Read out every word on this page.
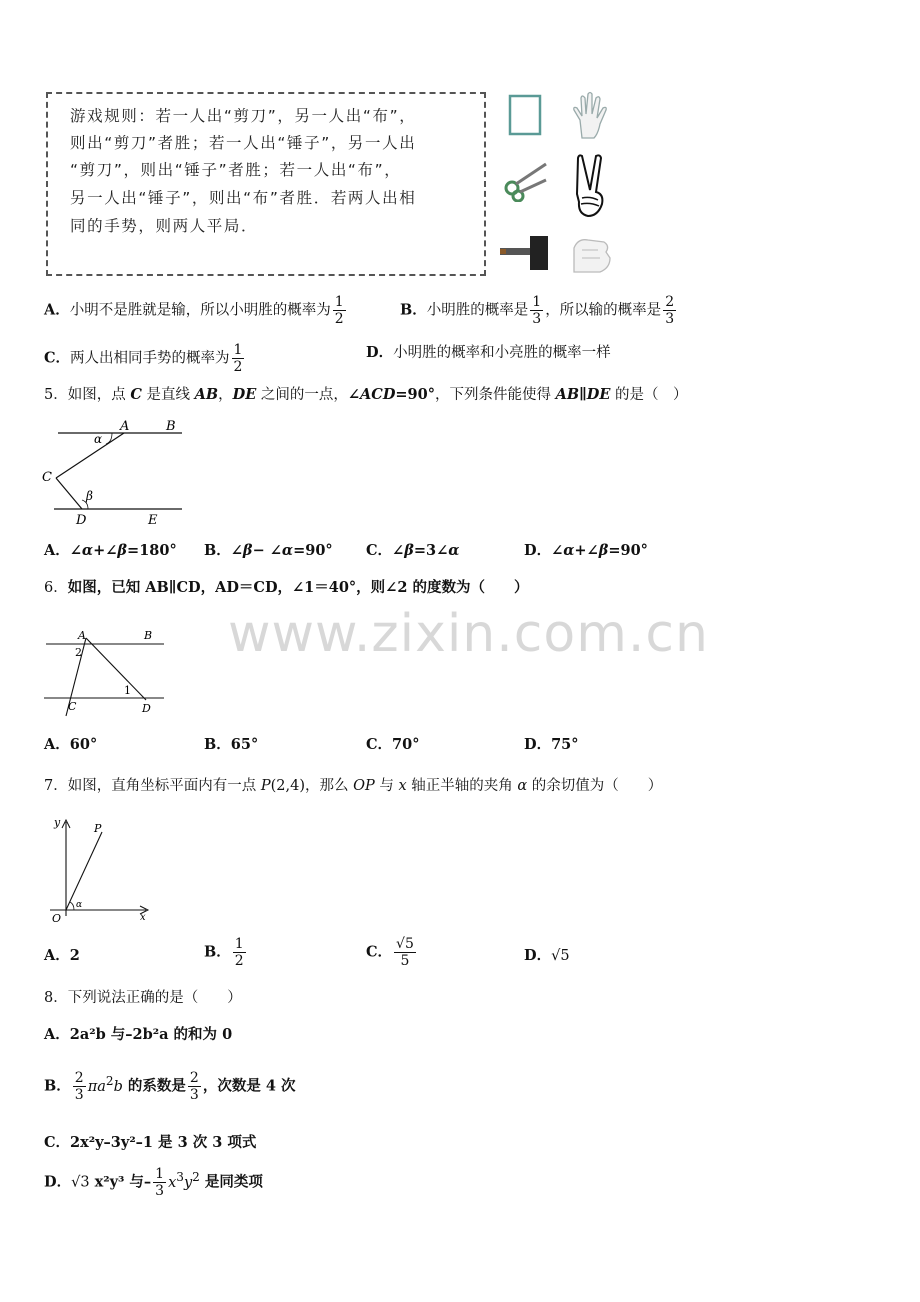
www.zixin.com.cn
游戏规则：若一人出“剪刀”，另一人出“布”，
则出“剪刀”者胜；若一人出“锤子”，另一人出
“剪刀”，则出“锤子”者胜；若一人出“布”，
另一人出“锤子”，则出“布”者胜．若两人出相
同的手势，则两人平局．
A．小明不是胜就是输，所以小明胜的概率为 $\frac{1}{2}$	B．小明胜的概率是 $\frac{1}{3}$ ，所以输的概率是 $\frac{2}{3}$
C．两人出相同手势的概率为 $\frac{1}{2}$	D．小明胜的概率和小亮胜的概率一样
5．如图，点 C 是直线 AB，DE 之间的一点，∠ACD=90°，下列条件能使得 AB∥DE 的是（　）
A	B
C
D	E
α
β
A．∠α+∠β=180° B．∠β− ∠α=90° C．∠β=3∠α	D．∠α+∠β=90°
6．如图，已知 AB∥CD，AD＝CD，∠1＝40°，则∠2 的度数为（　　）
A	B
C	D
1
2
A．60°	B．65°	C．70°	D．75°
7．如图，直角坐标平面内有一点 P(2,4)，那么 OP 与 x 轴正半轴的夹角 α 的余切值为（　　）
y	P
O	x
α
A．2	B． $\frac{1}{2}$	C． $\frac{√5}{5}$	D．√5
8．下列说法正确的是（　　）
A．2a²b 与–2b²a 的和为 0
B． $\frac{2}{3} \pi a^2b$ 的系数是 $\frac{2}{3}$ ，次数是 4 次
C．2x²y–3y²–1 是 3 次 3 项式
D．√3 x²y³ 与– $\frac{1}{3} x^3y^2$ 是同类项
